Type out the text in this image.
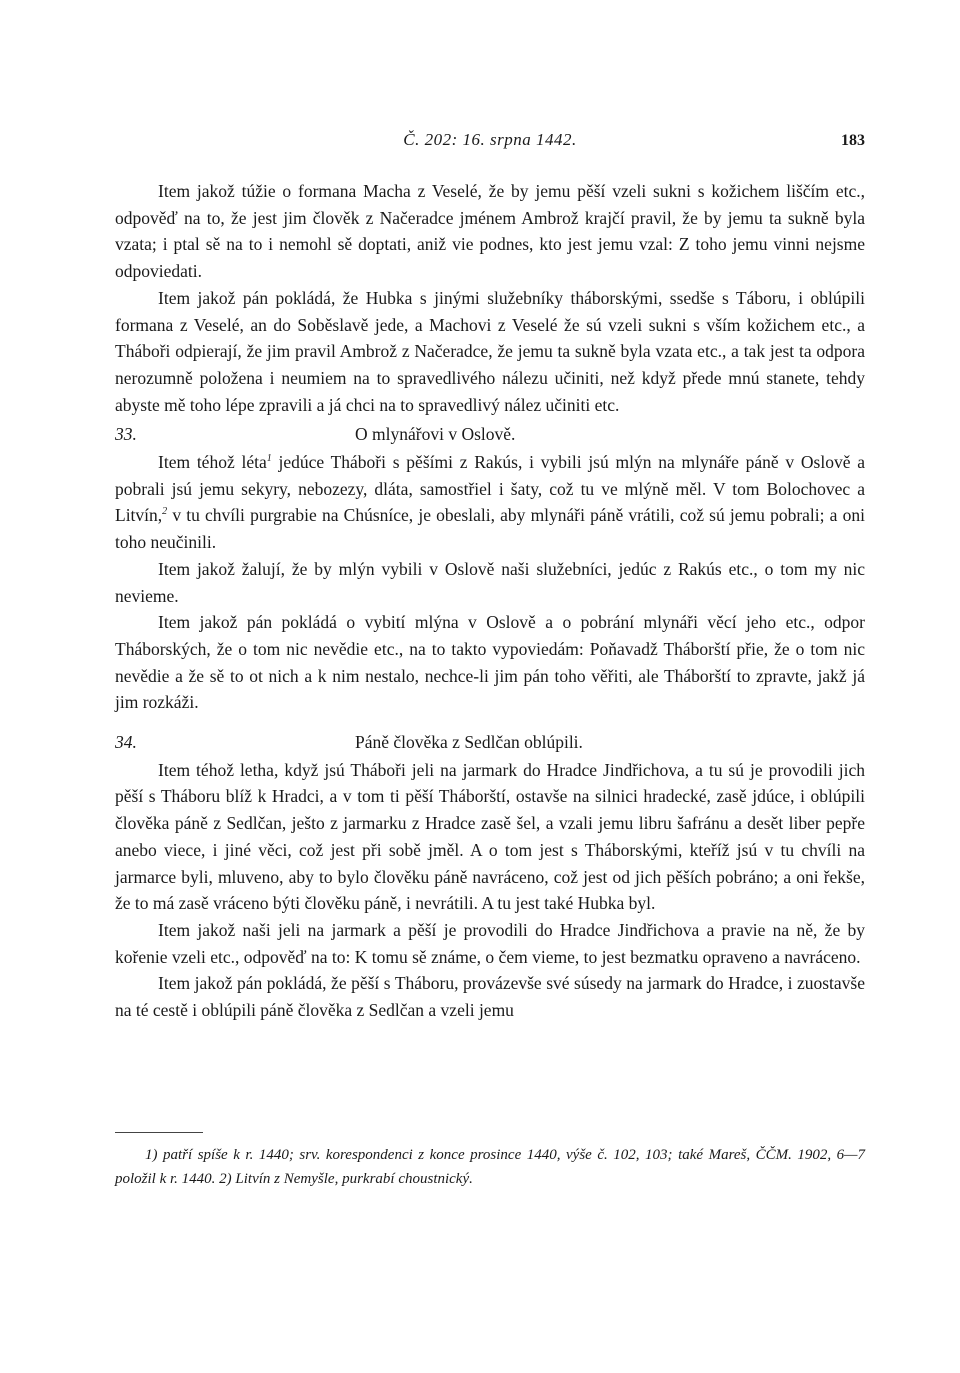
Č. 202: 16. srpna 1442.	183

Item jakož túžie o formana Macha z Veselé, že by jemu pěší vzeli sukni s kožichem liščím etc., odpověď na to, že jest jim člověk z Načeradce jménem Ambrož krajčí pravil, že by jemu ta sukně byla vzata; i ptal sě na to i nemohl sě doptati, aniž vie podnes, kto jest jemu vzal: Z toho jemu vinni nejsme odpoviedati.

Item jakož pán pokládá, že Hubka s jinými služebníky tháborskými, ssedše s Táboru, i oblúpili formana z Veselé, an do Soběslavě jede, a Machovi z Veselé že sú vzeli sukni s vším kožichem etc., a Tháboři odpierají, že jim pravil Ambrož z Načeradce, že jemu ta sukně byla vzata etc., a tak jest ta odpora nerozumně položena i neumiem na to spravedlivého nálezu učiniti, než když přede mnú stanete, tehdy abyste mě toho lépe zpravili a já chci na to spravedlivý nález učiniti etc.

33.	O mlynářovi v Oslově.

Item téhož léta$^1$ jedúce Tháboři s pěšími z Rakús, i vybili jsú mlýn na mlynáře páně v Oslově a pobrali jsú jemu sekyry, nebozezy, dláta, samostřiel i šaty, což tu ve mlýně měl. V tom Bolochovec a Litvín,$^2$ v tu chvíli purgrabie na Chúsníce, je obeslali, aby mlynáři páně vrátili, což sú jemu pobrali; a oni toho neučinili.

Item jakož žalují, že by mlýn vybili v Oslově naši služebníci, jedúc z Rakús etc., o tom my nic nevieme.

Item jakož pán pokládá o vybití mlýna v Oslově a o pobrání mlynáři věcí jeho etc., odpor Tháborských, že o tom nic nevědie etc., na to takto vypoviedám: Poňavadž Tháborští přie, že o tom nic nevědie a že sě to ot nich a k nim nestalo, nechce-li jim pán toho věřiti, ale Tháborští to zpravte, jakž já jim rozkáži.

34.	Páně člověka z Sedlčan oblúpili.

Item téhož letha, když jsú Tháboři jeli na jarmark do Hradce Jindřichova, a tu sú je provodili jich pěší s Tháboru blíž k Hradci, a v tom ti pěší Tháborští, ostavše na silnici hradecké, zasě jdúce, i oblúpili člověka páně z Sedlčan, ješto z jarmarku z Hradce zasě šel, a vzali jemu libru šafránu a desět liber pepře anebo viece, i jiné věci, což jest při sobě jměl. A o tom jest s Tháborskými, kteříž jsú v tu chvíli na jarmarce byli, mluveno, aby to bylo člověku páně navráceno, což jest od jich pěších pobráno; a oni řekše, že to má zasě vráceno býti člověku páně, i nevrátili. A tu jest také Hubka byl.

Item jakož naši jeli na jarmark a pěší je provodili do Hradce Jindřichova a pravie na ně, že by kořenie vzeli etc., odpověď na to: K tomu sě známe, o čem vieme, to jest bezmatku opraveno a navráceno.

Item jakož pán pokládá, že pěší s Tháboru, provázevše své súsedy na jarmark do Hradce, i zuostavše na té cestě i oblúpili páně člověka z Sedlčan a vzeli jemu

1) patří spíše k r. 1440; srv. korespondenci z konce prosince 1440, výše č. 102, 103; také Mareš, ČČM. 1902, 6—7 položil k r. 1440. 2) Litvín z Nemyšle, purkrabí choustnický.
